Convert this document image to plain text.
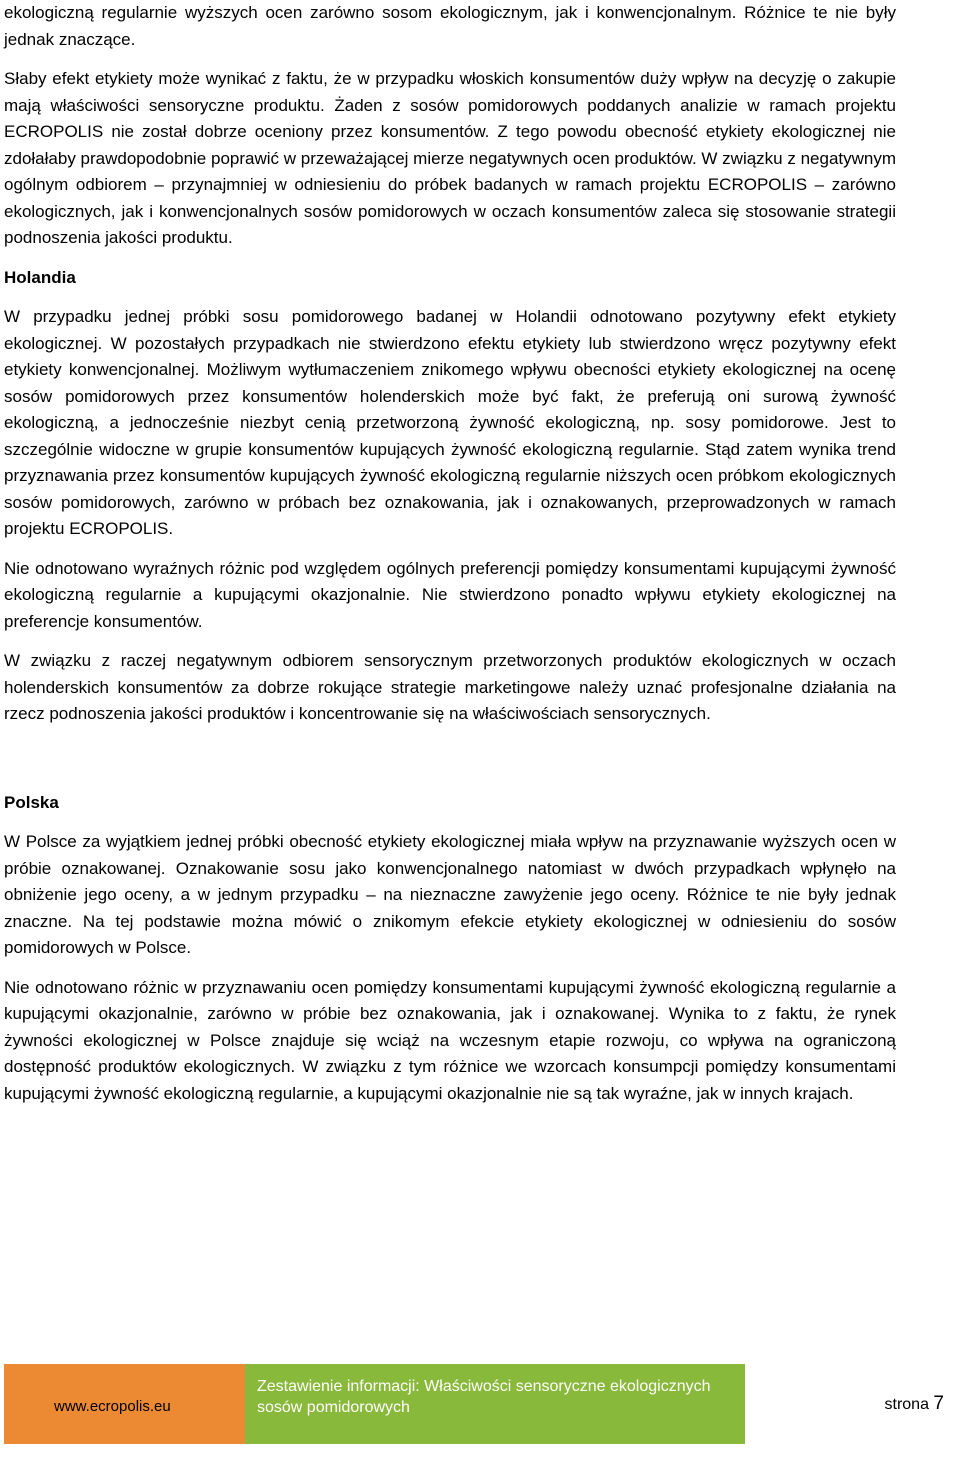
ekologiczną regularnie wyższych ocen zarówno sosom ekologicznym, jak i konwencjonalnym. Różnice te nie były jednak znaczące.

Słaby efekt etykiety może wynikać z faktu, że w przypadku włoskich konsumentów duży wpływ na decyzję o zakupie mają właściwości sensoryczne produktu. Żaden z sosów pomidorowych poddanych analizie w ramach projektu ECROPOLIS nie został dobrze oceniony przez konsumentów. Z tego powodu obecność etykiety ekologicznej nie zdołałaby prawdopodobnie poprawić w przeważającej mierze negatywnych ocen produktów. W związku z negatywnym ogólnym odbiorem – przynajmniej w odniesieniu do próbek badanych w ramach projektu ECROPOLIS – zarówno ekologicznych, jak i konwencjonalnych sosów pomidorowych w oczach konsumentów zaleca się stosowanie strategii podnoszenia jakości produktu.

Holandia

W przypadku jednej próbki sosu pomidorowego badanej w Holandii odnotowano pozytywny efekt etykiety ekologicznej. W pozostałych przypadkach nie stwierdzono efektu etykiety lub stwierdzono wręcz pozytywny efekt etykiety konwencjonalnej. Możliwym wytłumaczeniem znikomego wpływu obecności etykiety ekologicznej na ocenę sosów pomidorowych przez konsumentów holenderskich może być fakt, że preferują oni surową żywność ekologiczną, a jednocześnie niezbyt cenią przetworzoną żywność ekologiczną, np. sosy pomidorowe. Jest to szczególnie widoczne w grupie konsumentów kupujących żywność ekologiczną regularnie. Stąd zatem wynika trend przyznawania przez konsumentów kupujących żywność ekologiczną regularnie niższych ocen próbkom ekologicznych sosów pomidorowych, zarówno w próbach bez oznakowania, jak i oznakowanych, przeprowadzonych w ramach projektu ECROPOLIS.

Nie odnotowano wyraźnych różnic pod względem ogólnych preferencji pomiędzy konsumentami kupującymi żywność ekologiczną regularnie a kupującymi okazjonalnie. Nie stwierdzono ponadto wpływu etykiety ekologicznej na preferencje konsumentów.

W związku z raczej negatywnym odbiorem sensorycznym przetworzonych produktów ekologicznych w oczach holenderskich konsumentów za dobrze rokujące strategie marketingowe należy uznać profesjonalne działania na rzecz podnoszenia jakości produktów i koncentrowanie się na właściwościach sensorycznych.

Polska

W Polsce za wyjątkiem jednej próbki obecność etykiety ekologicznej miała wpływ na przyznawanie wyższych ocen w próbie oznakowanej. Oznakowanie sosu jako konwencjonalnego natomiast w dwóch przypadkach wpłynęło na obniżenie jego oceny, a w jednym przypadku – na nieznaczne zawyżenie jego oceny. Różnice te nie były jednak znaczne. Na tej podstawie można mówić o znikomym efekcie etykiety ekologicznej w odniesieniu do sosów pomidorowych w Polsce.

Nie odnotowano różnic w przyznawaniu ocen pomiędzy konsumentami kupującymi żywność ekologiczną regularnie a kupującymi okazjonalnie, zarówno w próbie bez oznakowania, jak i oznakowanej. Wynika to z faktu, że rynek żywności ekologicznej w Polsce znajduje się wciąż na wczesnym etapie rozwoju, co wpływa na ograniczoną dostępność produktów ekologicznych. W związku z tym różnice we wzorcach konsumpcji pomiędzy konsumentami kupującymi żywność ekologiczną regularnie, a kupującymi okazjonalnie nie są tak wyraźne, jak w innych krajach.

www.ecropolis.eu
Zestawienie informacji: Właściwości sensoryczne ekologicznych
sosów pomidorowych	strona 7
